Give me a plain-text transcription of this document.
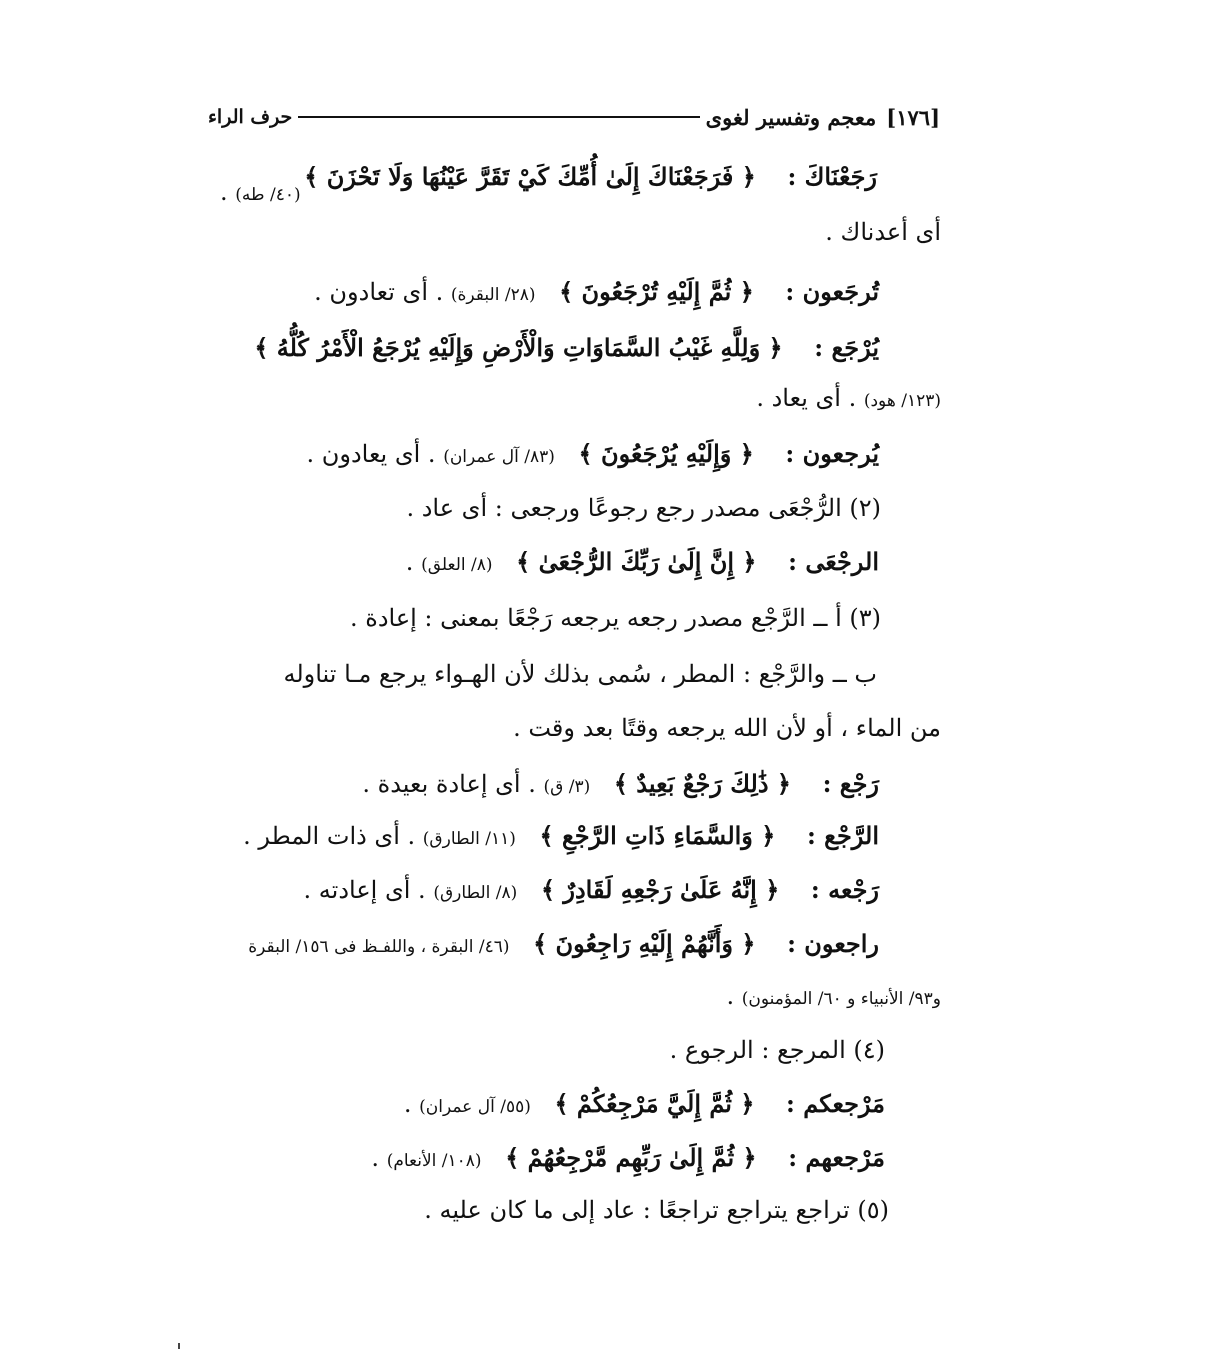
[١٧٦]
معجم وتفسير لغوى
حرف الراء
رَجَعْنَاكَ : ﴿ فَرَجَعْنَاكَ إِلَىٰ أُمِّكَ كَيْ تَقَرَّ عَيْنُهَا وَلَا تَحْزَنَ ﴾
(٤٠/ طه) .
أى أعدناك .
تُرجَعون : ﴿ ثُمَّ إِلَيْهِ تُرْجَعُونَ ﴾ (٢٨/ البقرة) . أى تعادون .
يُرْجَع : ﴿ وَلِلَّهِ غَيْبُ السَّمَاوَاتِ وَالْأَرْضِ وَإِلَيْهِ يُرْجَعُ الْأَمْرُ كُلُّهُ ﴾
(١٢٣/ هود) . أى يعاد .
يُرجعون : ﴿ وَإِلَيْهِ يُرْجَعُونَ ﴾ (٨٣/ آل عمران) . أى يعادون .
(٢) الرُّجْعَى مصدر رجع رجوعًا ورجعى : أى عاد .
الرجْعَى : ﴿ إِنَّ إِلَىٰ رَبِّكَ الرُّجْعَىٰ ﴾ (٨/ العلق) .
(٣) أ ــ الرَّجْع مصدر رجعه يرجعه رَجْعًا بمعنى : إعادة .
ب ــ والرَّجْع : المطر ، سُمى بذلك لأن الهـواء يرجع مـا تناوله
من الماء ، أو لأن الله يرجعه وقتًا بعد وقت .
رَجْع : ﴿ ذَٰلِكَ رَجْعٌ بَعِيدٌ ﴾ (٣/ ق) . أى إعادة بعيدة .
الرَّجْع : ﴿ وَالسَّمَاءِ ذَاتِ الرَّجْعِ ﴾ (١١/ الطارق) . أى ذات المطر .
رَجْعه : ﴿ إِنَّهُ عَلَىٰ رَجْعِهِ لَقَادِرٌ ﴾ (٨/ الطارق) . أى إعادته .
راجعون : ﴿ وَأَنَّهُمْ إِلَيْهِ رَاجِعُونَ ﴾ (٤٦/ البقرة ، واللفـظ فى ١٥٦/ البقرة
و٩٣/ الأنبياء و ٦٠/ المؤمنون) .
(٤) المرجع : الرجوع .
مَرْجعكم : ﴿ ثُمَّ إِلَيَّ مَرْجِعُكُمْ ﴾ (٥٥/ آل عمران) .
مَرْجعهم : ﴿ ثُمَّ إِلَىٰ رَبِّهِم مَّرْجِعُهُمْ ﴾ (١٠٨/ الأنعام) .
(٥) تراجع يتراجع تراجعًا : عاد إلى ما كان عليه .
